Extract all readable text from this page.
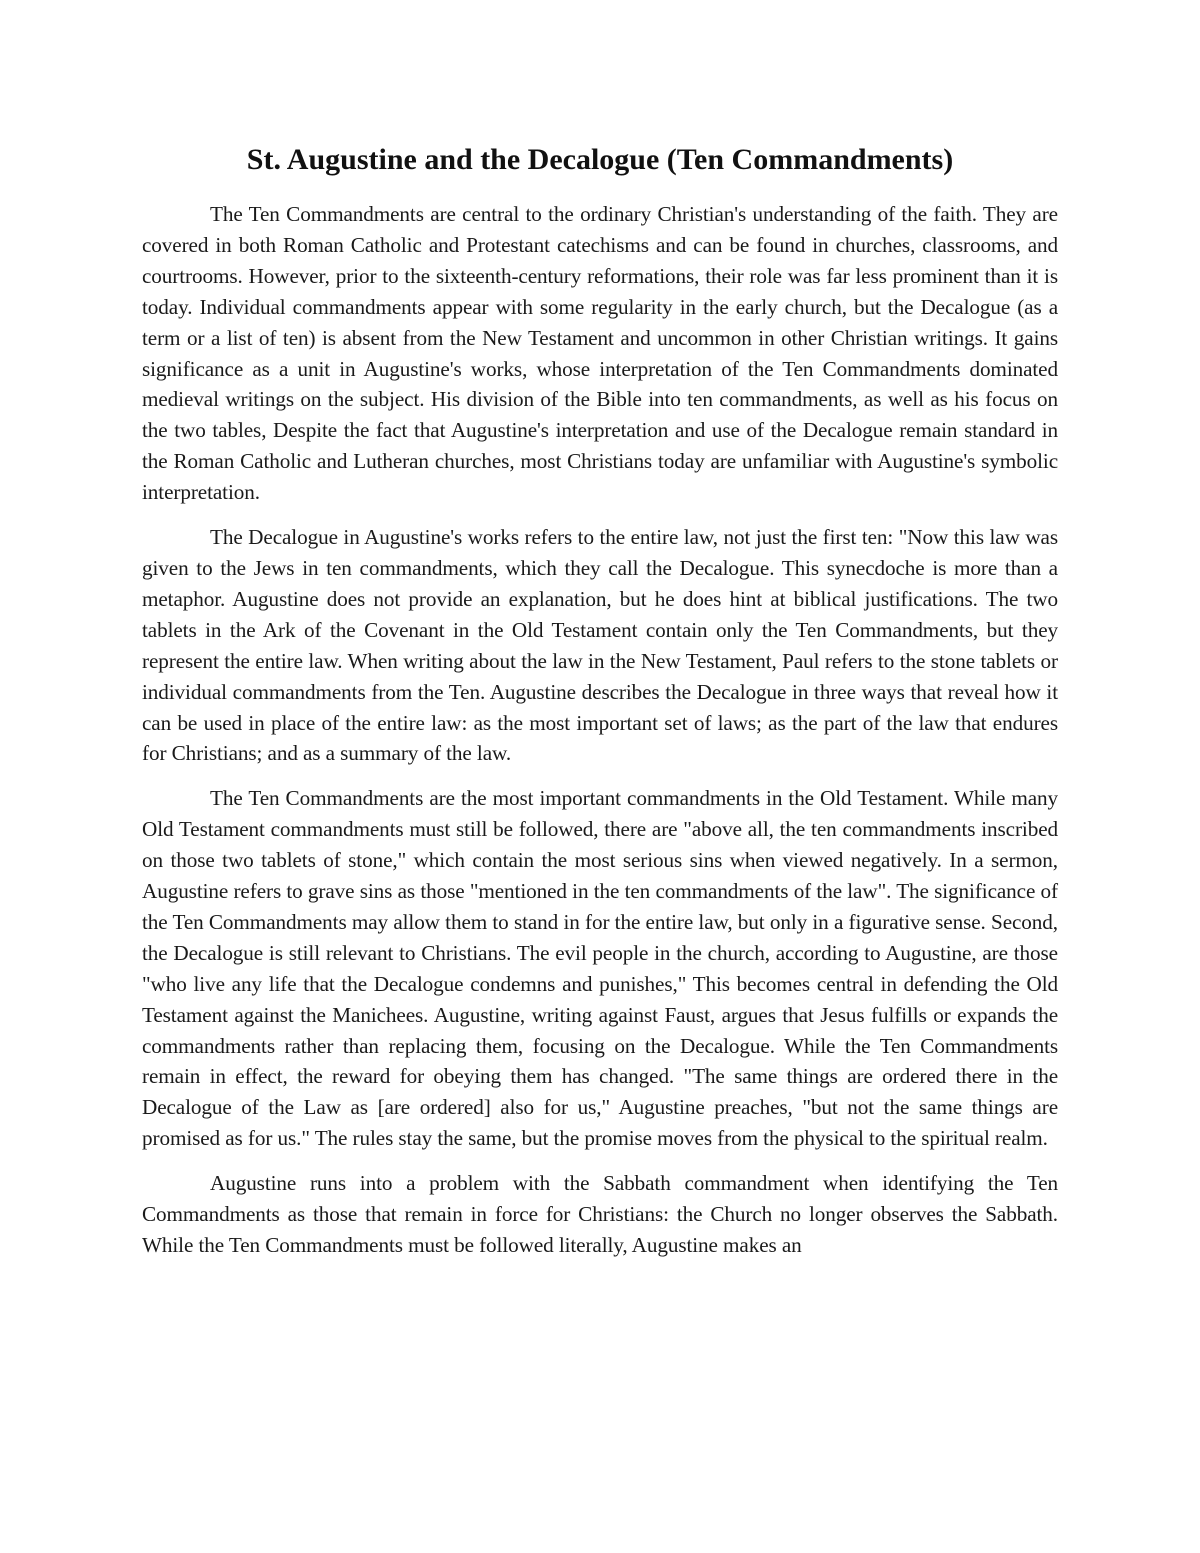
St. Augustine and the Decalogue (Ten Commandments)

The Ten Commandments are central to the ordinary Christian's understanding of the faith. They are covered in both Roman Catholic and Protestant catechisms and can be found in churches, classrooms, and courtrooms. However, prior to the sixteenth-century reformations, their role was far less prominent than it is today. Individual commandments appear with some regularity in the early church, but the Decalogue (as a term or a list of ten) is absent from the New Testament and uncommon in other Christian writings. It gains significance as a unit in Augustine's works, whose interpretation of the Ten Commandments dominated medieval writings on the subject. His division of the Bible into ten commandments, as well as his focus on the two tables, Despite the fact that Augustine's interpretation and use of the Decalogue remain standard in the Roman Catholic and Lutheran churches, most Christians today are unfamiliar with Augustine's symbolic interpretation.

The Decalogue in Augustine's works refers to the entire law, not just the first ten: "Now this law was given to the Jews in ten commandments, which they call the Decalogue. This synecdoche is more than a metaphor. Augustine does not provide an explanation, but he does hint at biblical justifications. The two tablets in the Ark of the Covenant in the Old Testament contain only the Ten Commandments, but they represent the entire law. When writing about the law in the New Testament, Paul refers to the stone tablets or individual commandments from the Ten. Augustine describes the Decalogue in three ways that reveal how it can be used in place of the entire law: as the most important set of laws; as the part of the law that endures for Christians; and as a summary of the law.

The Ten Commandments are the most important commandments in the Old Testament. While many Old Testament commandments must still be followed, there are "above all, the ten commandments inscribed on those two tablets of stone," which contain the most serious sins when viewed negatively. In a sermon, Augustine refers to grave sins as those "mentioned in the ten commandments of the law". The significance of the Ten Commandments may allow them to stand in for the entire law, but only in a figurative sense. Second, the Decalogue is still relevant to Christians. The evil people in the church, according to Augustine, are those "who live any life that the Decalogue condemns and punishes," This becomes central in defending the Old Testament against the Manichees. Augustine, writing against Faust, argues that Jesus fulfills or expands the commandments rather than replacing them, focusing on the Decalogue. While the Ten Commandments remain in effect, the reward for obeying them has changed. "The same things are ordered there in the Decalogue of the Law as [are ordered] also for us," Augustine preaches, "but not the same things are promised as for us." The rules stay the same, but the promise moves from the physical to the spiritual realm.

Augustine runs into a problem with the Sabbath commandment when identifying the Ten Commandments as those that remain in force for Christians: the Church no longer observes the Sabbath. While the Ten Commandments must be followed literally, Augustine makes an
